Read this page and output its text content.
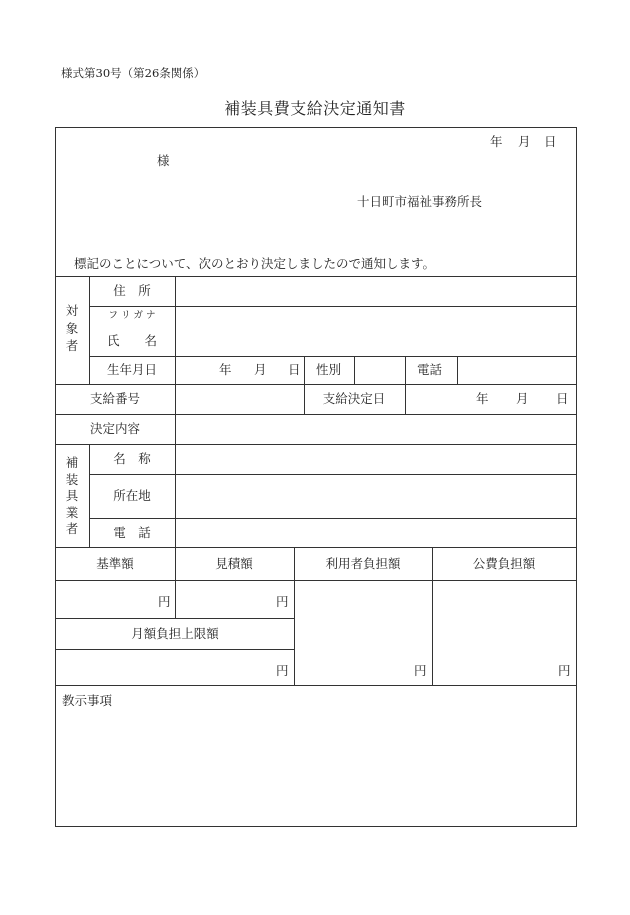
様式第30号（第26条関係）
補装具費支給決定通知書
年 月 日
様
十日町市福祉事務所長
標記のことについて、次のとおり決定しましたので通知します。
対
象
者
住　所
フ リ ガ ナ
氏　　名
生年月日	年 月 日 性別	電話
支給番号	支給決定日	年 月 日
決定内容
補
装
具
業
者
名　称
所在地
電　話
基準額	見積額	利用者負担額	公費負担額
円	円
月額負担上限額
円	円	円
教示事項
